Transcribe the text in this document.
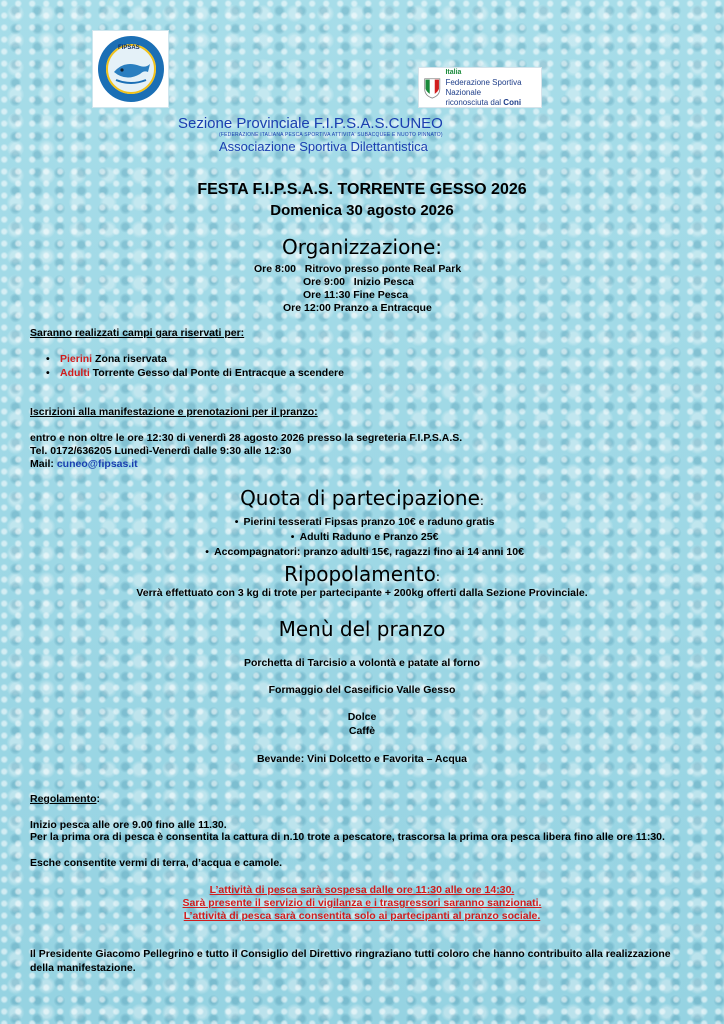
FIPSAS
Italia
Federazione Sportiva Nazionale
riconosciuta dal Coni
Sezione Provinciale F.I.P.S.A.S.CUNEO
(FEDERAZIONE ITALIANA PESCA SPORTIVA ATTIVITA' SUBACQUEE E NUOTO PINNATO)
Associazione Sportiva Dilettantistica
FESTA F.I.P.S.A.S. TORRENTE GESSO 2026
Domenica 30 agosto 2026
Organizzazione:
Ore 8:00   Ritrovo presso ponte Real Park
Ore 9:00   Inizio Pesca
Ore 11:30 Fine Pesca
Ore 12:00 Pranzo a Entracque
Saranno realizzati campi gara riservati per:
• Pierini Zona riservata
• Adulti Torrente Gesso dal Ponte di Entracque a scendere
Iscrizioni alla manifestazione e prenotazioni per il pranzo:
entro e non oltre le ore 12:30 di venerdì 28 agosto 2026 presso la segreteria F.I.P.S.A.S.
Tel. 0172/636205 Lunedì-Venerdì dalle 9:30 alle 12:30
Mail: cuneo@fipsas.it
Quota di partecipazione:
• Pierini tesserati Fipsas pranzo 10€ e raduno gratis
• Adulti Raduno e Pranzo 25€
• Accompagnatori: pranzo adulti 15€, ragazzi fino ai 14 anni 10€
Ripopolamento:
Verrà effettuato con 3 kg di trote per partecipante + 200kg offerti dalla Sezione Provinciale.
Menù del pranzo
Porchetta di Tarcisio a volontà e patate al forno
Formaggio del Caseificio Valle Gesso
Dolce
Caffè
Bevande: Vini Dolcetto e Favorita – Acqua
Regolamento:
Inizio pesca alle ore 9.00 fino alle 11.30.
Per la prima ora di pesca è consentita la cattura di n.10 trote a pescatore, trascorsa la prima ora pesca libera fino alle ore 11:30.
Esche consentite vermi di terra, d’acqua e camole.
L’attività di pesca sarà sospesa dalle ore 11:30 alle ore 14:30.
Sarà presente il servizio di vigilanza e i trasgressori saranno sanzionati.
L’attività di pesca sarà consentita solo ai partecipanti al pranzo sociale.
Il Presidente Giacomo Pellegrino e tutto il Consiglio del Direttivo ringraziano tutti coloro che hanno contribuito alla realizzazione della manifestazione.
